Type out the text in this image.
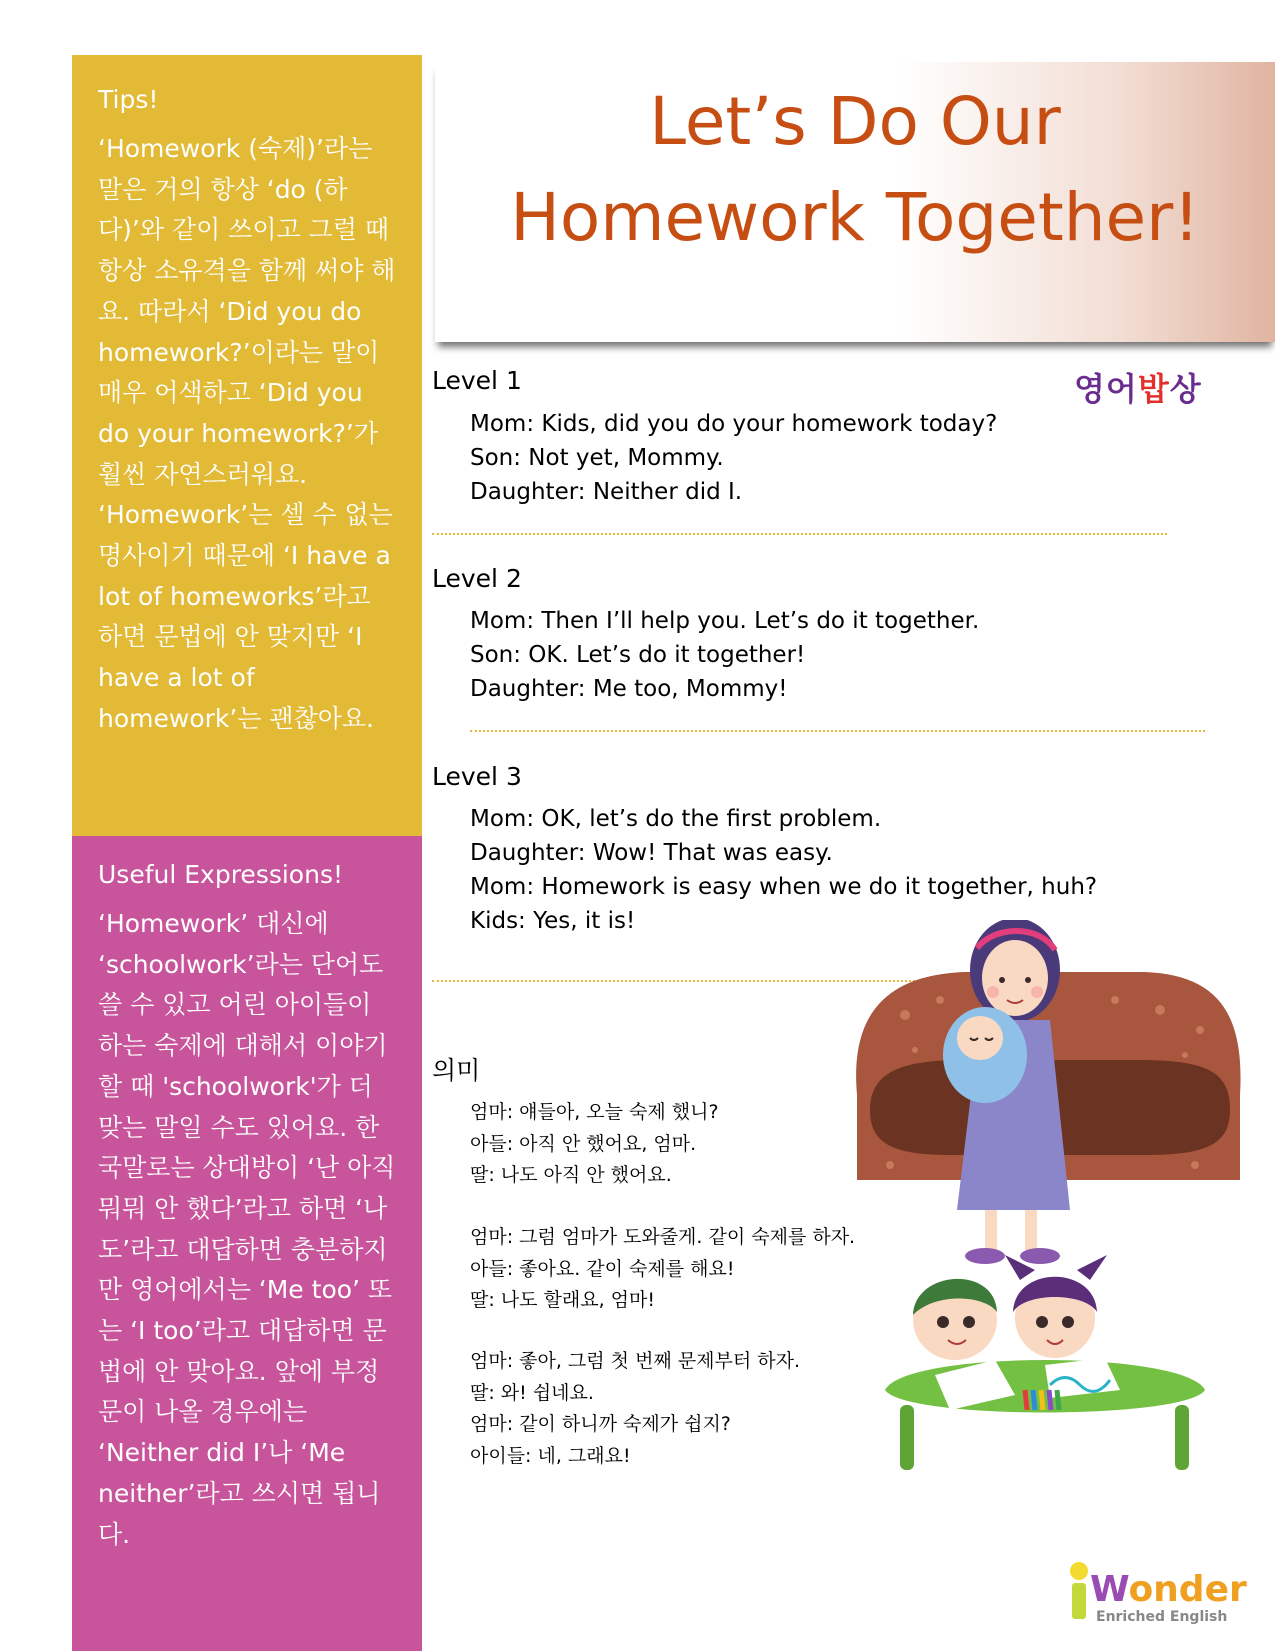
Tips!

‘Homework (숙제)’라는 말은 거의 항상 ‘do (하다)’와 같이 쓰이고 그럴 때 항상 소유격을 함께 써야 해요. 따라서 ‘Did you do homework?’이라는 말이 매우 어색하고 ‘Did you do your homework?’가 훨씬 자연스러워요. ‘Homework’는 셀 수 없는 명사이기 때문에 ‘I have a lot of homeworks’라고 하면 문법에 안 맞지만 ‘I have a lot of homework’는 괜찮아요.

Useful Expressions!

‘Homework’ 대신에 ‘schoolwork’라는 단어도 쓸 수 있고 어린 아이들이 하는 숙제에 대해서 이야기할 때 'schoolwork'가 더 맞는 말일 수도 있어요. 한국말로는 상대방이 ‘난 아직 뭐뭐 안 했다’라고 하면 ‘나도’라고 대답하면 충분하지만 영어에서는 ‘Me too’ 또는 ‘I too’라고 대답하면 문법에 안 맞아요. 앞에 부정문이 나올 경우에는 ‘Neither did I’나 ‘Me neither’라고 쓰시면 됩니다.

Let’s Do Our
Homework Together!
영어밥상
Level 1
Mom: Kids, did you do your homework today?
Son: Not yet, Mommy.
Daughter: Neither did I.
Level 2
Mom: Then I’ll help you. Let’s do it together.
Son: OK. Let’s do it together!
Daughter: Me too, Mommy!
Level 3
Mom: OK, let’s do the first problem.
Daughter: Wow! That was easy.
Mom: Homework is easy when we do it together, huh?
Kids: Yes, it is!
의미
엄마: 얘들아, 오늘 숙제 했니?
아들: 아직 안 했어요, 엄마.
딸: 나도 아직 안 했어요.
엄마: 그럼 엄마가 도와줄게. 같이 숙제를 하자.
아들: 좋아요. 같이 숙제를 해요!
딸: 나도 할래요, 엄마!
엄마: 좋아, 그럼 첫 번째 문제부터 하자.
딸: 와! 쉽네요.
엄마: 같이 하니까 숙제가 쉽지?
아이들: 네, 그래요!
Wonder
Enriched English
